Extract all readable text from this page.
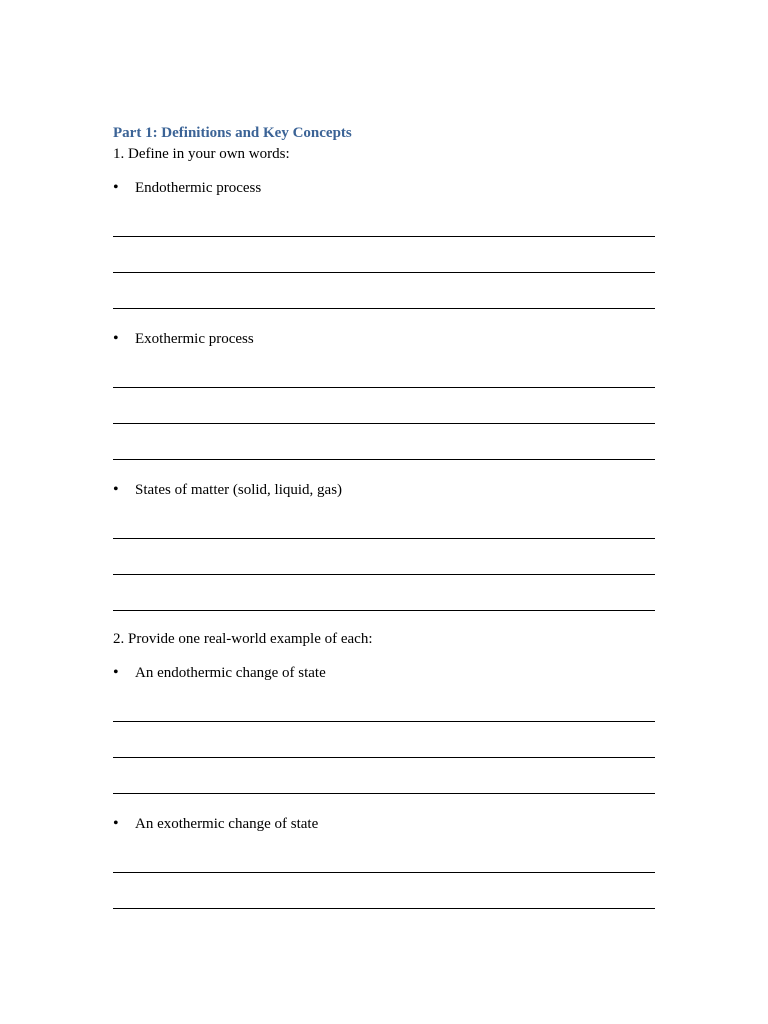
Part 1: Definitions and Key Concepts
1. Define in your own words:
•	Endothermic process
•	Exothermic process
•	States of matter (solid, liquid, gas)
2. Provide one real-world example of each:
•	An endothermic change of state
•	An exothermic change of state
